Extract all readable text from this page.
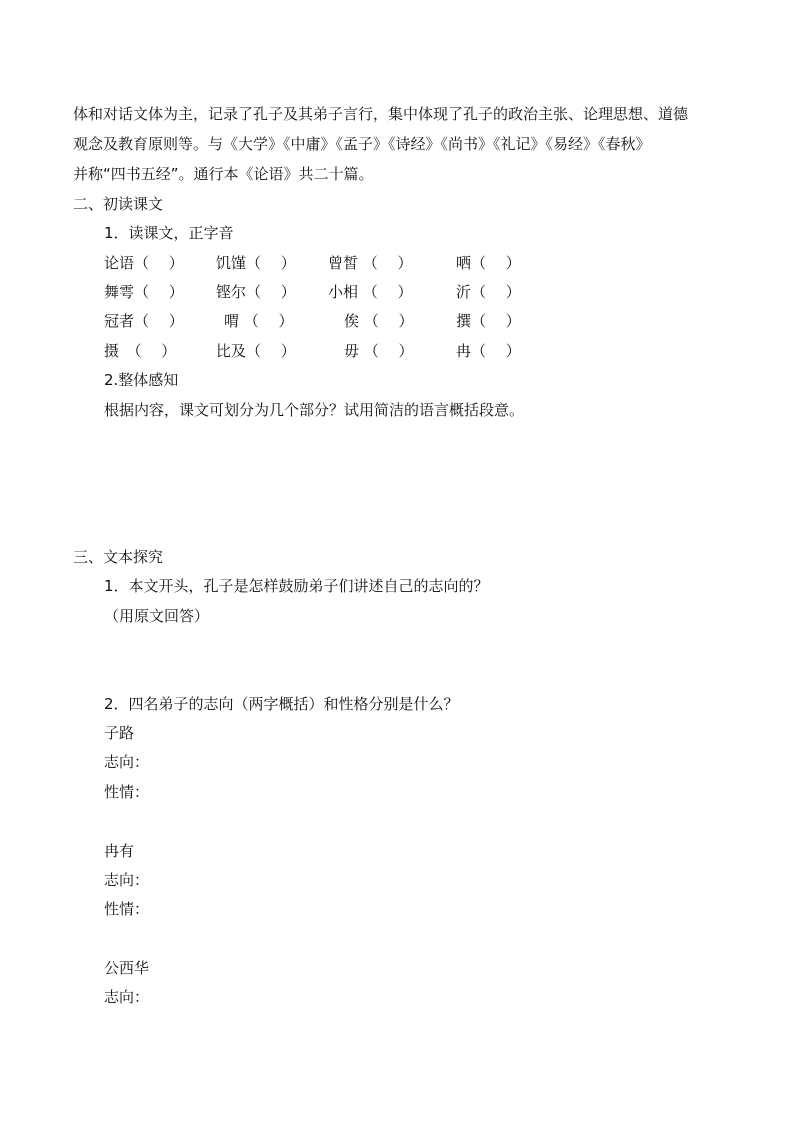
体和对话文体为主，记录了孔子及其弟子言行，集中体现了孔子的政治主张、论理思想、道德
观念及教育原则等。与《大学》《中庸》《孟子》《诗经》《尚书》《礼记》《易经》《春秋》
并称“四书五经”。通行本《论语》共二十篇。
二、初读课文
1．读课文，正字音
论语（　 ） 饥馑（　 ） 曾皙 （　 ）	哂（　 ）
舞雩（　 ） 铿尔（　 ） 小相 （　 ）	沂（　 ）
冠者（　 ）	喟 （　 ）	俟 （　 ）	撰（　 ）
摄　（　 ）	比及（　 ）	毋 （　 ）	冉（　 ）
2.整体感知
根据内容，课文可划分为几个部分？试用简洁的语言概括段意。
三、文本探究
1．本文开头，孔子是怎样鼓励弟子们讲述自己的志向的？
（用原文回答）
2．四名弟子的志向（两字概括）和性格分别是什么？
子路
志向：
性情：
冉有
志向：
性情：
公西华
志向：
